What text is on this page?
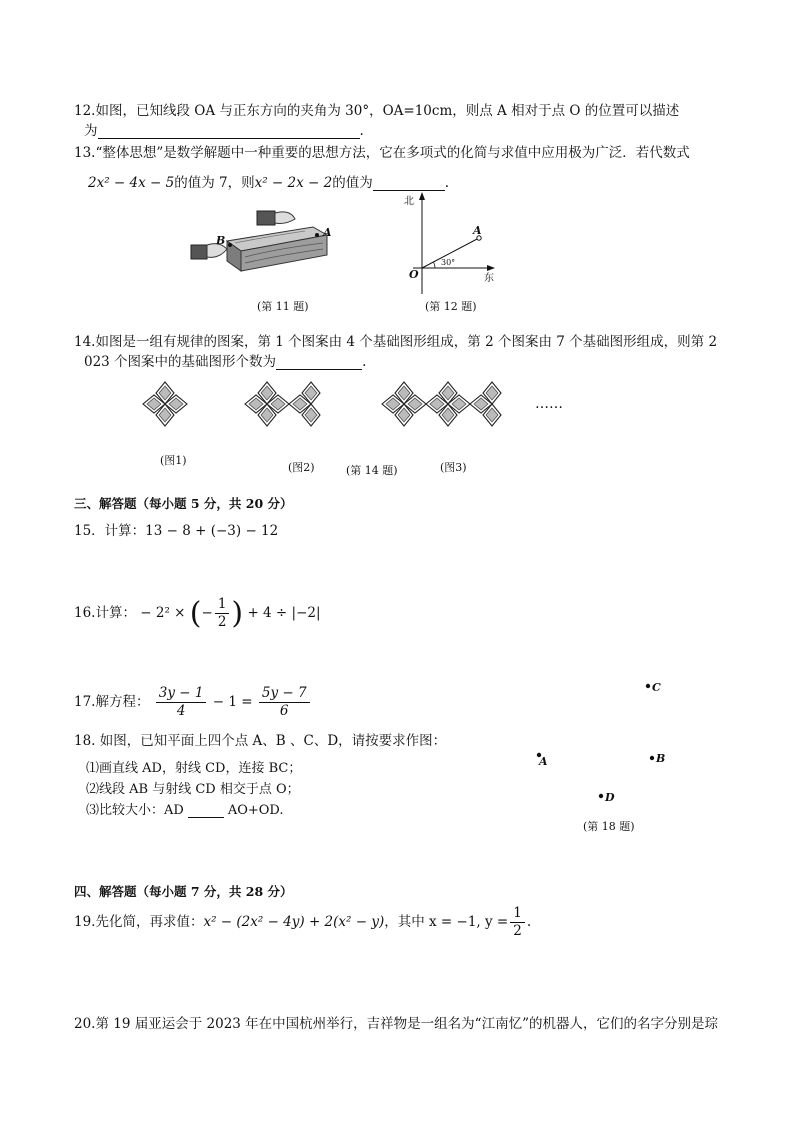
12.如图，已知线段 OA 与正东方向的夹角为 30°，OA=10cm，则点 A 相对于点 O 的位置可以描述
为	.
13.“整体思想”是数学解题中一种重要的思想方法，它在多项式的化简与求值中应用极为广泛．若代数式
2x² − 4x − 5的值为 7，则x² − 2x − 2的值为	.
B
A
(第 11 题)
北
东
O
A
30°
(第 12 题)
14.如图是一组有规律的图案，第 1 个图案由 4 个基础图形组成，第 2 个图案由 7 个基础图形组成，则第 2
023 个图案中的基础图形个数为	.
……
(图1)
(图2)	(第 14 题)	(图3)
三、解答题（每小题 5 分，共 20 分）
15．计算：13 − 8 + (−3) − 12
16.计算： − 2² × (− $\frac{1}{2}$ ) + 4 ÷ |−2|
17.解方程： $\frac{3y - 1}{4} - 1 = \frac{5y - 7}{6}$
18. 如图，已知平面上四个点 A、B 、C、D，请按要求作图：
⑴画直线 AD，射线 CD，连接 BC；
⑵线段 AB 与射线 CD 相交于点 O；
⑶比较大小：AD	AO+OD.
C
A	B
D
(第 18 题)
四、解答题（每小题 7 分，共 28 分）
19.先化简，再求值：x² − (2x² − 4y) + 2(x² − y)，其中 x = −1, $y = \frac{1}{2}$ .
20.第 19 届亚运会于 2023 年在中国杭州举行，吉祥物是一组名为“江南忆”的机器人，它们的名字分别是琮
